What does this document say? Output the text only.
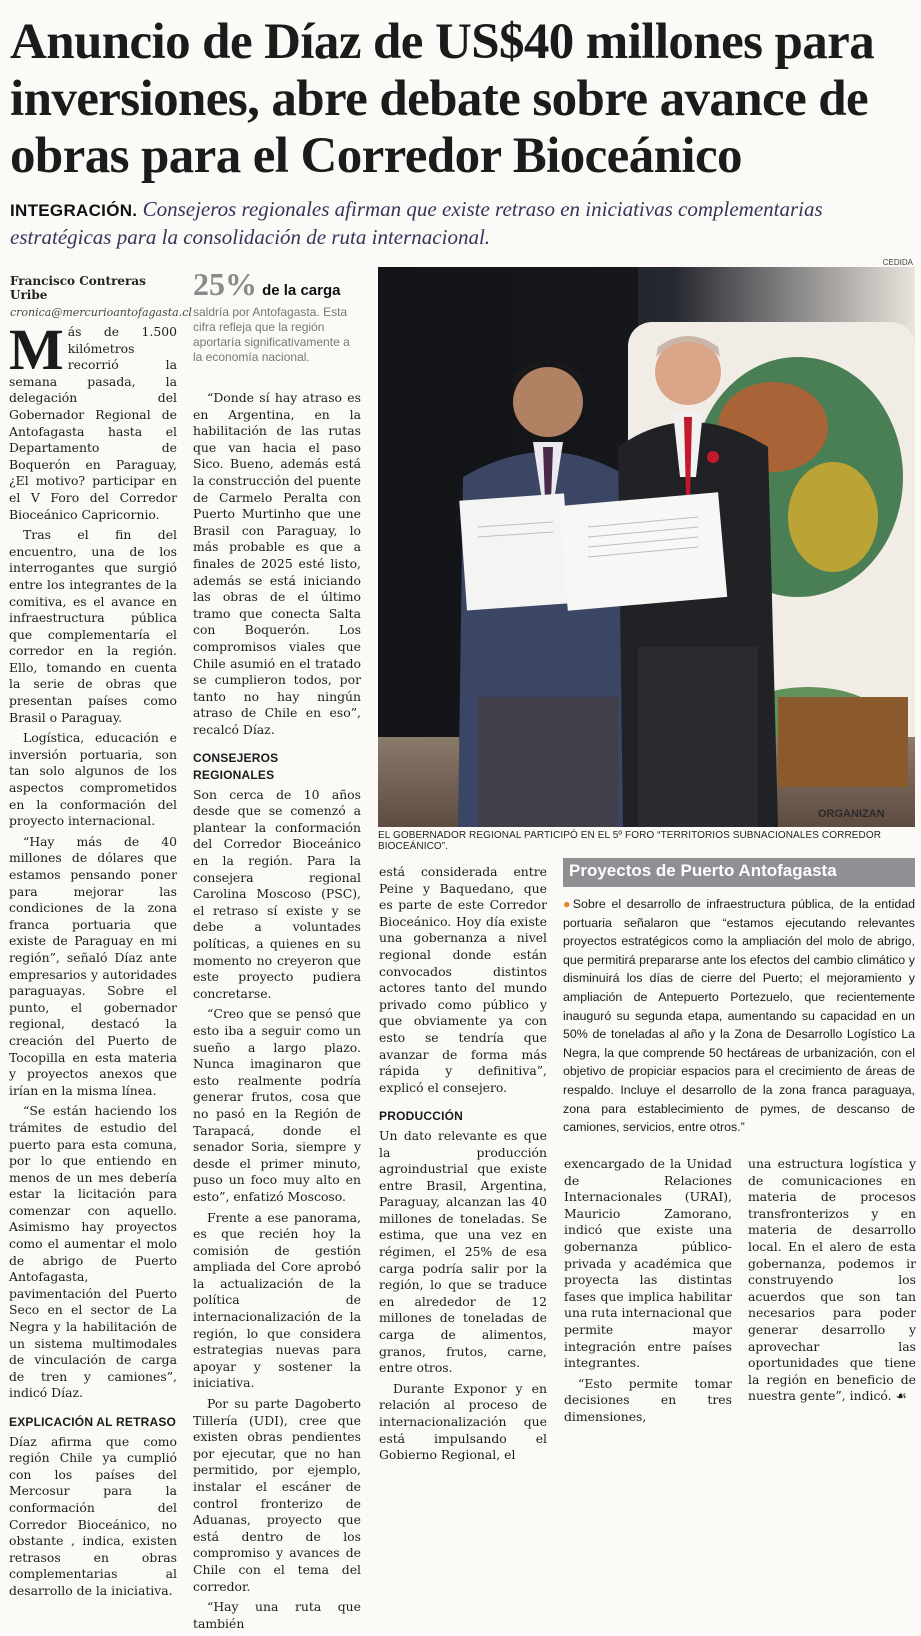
Anuncio de Díaz de US$40 millones para inversiones, abre debate sobre avance de obras para el Corredor Bioceánico

INTEGRACIÓN. Consejeros regionales afirman que existe retraso en iniciativas complementarias estratégicas para la consolidación de ruta internacional.

Francisco Contreras Uribe
cronica@mercurioantofagasta.cl

Más de 1.500 kilómetros recorrió la semana pasada, la delegación del Gobernador Regional de Antofagasta hasta el Departamento de Boquerón en Paraguay, ¿El motivo? participar en el V Foro del Corredor Bioceánico Capricornio.

Tras el fin del encuentro, una de los interrogantes que surgió entre los integrantes de la comitiva, es el avance en infraestructura pública que complementaría el corredor en la región. Ello, tomando en cuenta la serie de obras que presentan países como Brasil o Paraguay.

Logística, educación e inversión portuaria, son tan solo algunos de los aspectos comprometidos en la conformación del proyecto internacional.

“Hay más de 40 millones de dólares que estamos pensando poner para mejorar las condiciones de la zona franca portuaria que existe de Paraguay en mi región”, señaló Díaz ante empresarios y autoridades paraguayas. Sobre el punto, el gobernador regional, destacó la creación del Puerto de Tocopilla en esta materia y proyectos anexos que irían en la misma línea.

“Se están haciendo los trámites de estudio del puerto para esta comuna, por lo que entiendo en menos de un mes debería estar la licitación para comenzar con aquello. Asimismo hay proyectos como el aumentar el molo de abrigo de Puerto Antofagasta, pavimentación del Puerto Seco en el sector de La Negra y la habilitación de un sistema multimodales de vinculación de carga de tren y camiones”, indicó Díaz.

EXPLICACIÓN AL RETRASO

Díaz afirma que como región Chile ya cumplió con los países del Mercosur para la conformación del Corredor Bioceánico, no obstante , indica, existen retrasos en obras complementarias al desarrollo de la iniciativa.

25% de la carga
saldría por Antofagasta. Esta cifra refleja que la región aportaría significativamente a la economía nacional.

“Donde sí hay atraso es en Argentina, en la habilitación de las rutas que van hacia el paso Sico. Bueno, además está la construcción del puente de Carmelo Peralta con Puerto Murtinho que une Brasil con Paraguay, lo más probable es que a finales de 2025 esté listo, además se está iniciando las obras de el último tramo que conecta Salta con Boquerón. Los compromisos viales que Chile asumió en el tratado se cumplieron todos, por tanto no hay ningún atraso de Chile en eso”, recalcó Díaz.

CONSEJEROS REGIONALES

Son cerca de 10 años desde que se comenzó a plantear la conformación del Corredor Bioceánico en la región. Para la consejera regional Carolina Moscoso (PSC), el retraso sí existe y se debe a voluntades políticas, a quienes en su momento no creyeron que este proyecto pudiera concretarse.

“Creo que se pensó que esto iba a seguir como un sueño a largo plazo. Nunca imaginaron que esto realmente podría generar frutos, cosa que no pasó en la Región de Tarapacá, donde el senador Soria, siempre y desde el primer minuto, puso un foco muy alto en esto”, enfatizó Moscoso.

Frente a ese panorama, es que recién hoy la comisión de gestión ampliada del Core aprobó la actualización de la política de internacionalización de la región, lo que considera estrategias nuevas para apoyar y sostener la iniciativa.

Por su parte Dagoberto Tillería (UDI), cree que existen obras pendientes por ejecutar, que no han permitido, por ejemplo, instalar el escáner de control fronterizo de Aduanas, proyecto que está dentro de los compromiso y avances de Chile con el tema del corredor.

“Hay una ruta que también

CEDIDA
ORGANIZAN
EL GOBERNADOR REGIONAL PARTICIPÓ EN EL 5º FORO “TERRITORIOS SUBNACIONALES CORREDOR BIOCEÁNICO”.

está considerada entre Peine y Baquedano, que es parte de este Corredor Bioceánico. Hoy día existe una gobernanza a nivel regional donde están convocados distintos actores tanto del mundo privado como público y que obviamente ya con esto se tendría que avanzar de forma más rápida y definitiva”, explicó el consejero.

PRODUCCIÓN

Un dato relevante es que la producción agroindustrial que existe entre Brasil, Argentina, Paraguay, alcanzan las 40 millones de toneladas. Se estima, que una vez en régimen, el 25% de esa carga podría salir por la región, lo que se traduce en alrededor de 12 millones de toneladas de carga de alimentos, granos, frutos, carne, entre otros.

Durante Exponor y en relación al proceso de internacionalización que está impulsando el Gobierno Regional, el

Proyectos de Puerto Antofagasta
●Sobre el desarrollo de infraestructura pública, de la entidad portuaria señalaron que “estamos ejecutando relevantes proyectos estratégicos como la ampliación del molo de abrigo, que permitirá prepararse ante los efectos del cambio climático y disminuirá los días de cierre del Puerto; el mejoramiento y ampliación de Antepuerto Portezuelo, que recientemente inauguró su segunda etapa, aumentando su capacidad en un 50% de toneladas al año y la Zona de Desarrollo Logístico La Negra, la que comprende 50 hectáreas de urbanización, con el objetivo de propiciar espacios para el crecimiento de áreas de respaldo. Incluye el desarrollo de la zona franca paraguaya, zona para establecimiento de pymes, de descanso de camiones, servicios, entre otros.”

exencargado de la Unidad de Relaciones Internacionales (URAI), Mauricio Zamorano, indicó que existe una gobernanza público-privada y académica que proyecta las distintas fases que implica habilitar una ruta internacional que permite mayor integración entre países integrantes.

“Esto permite tomar decisiones en tres dimensiones,

una estructura logística y de comunicaciones en materia de procesos transfronterizos y en materia de desarrollo local. En el alero de esta gobernanza, podemos ir construyendo los acuerdos que son tan necesarios para poder generar desarrollo y aprovechar las oportunidades que tiene la región en beneficio de nuestra gente”, indicó. ☙
